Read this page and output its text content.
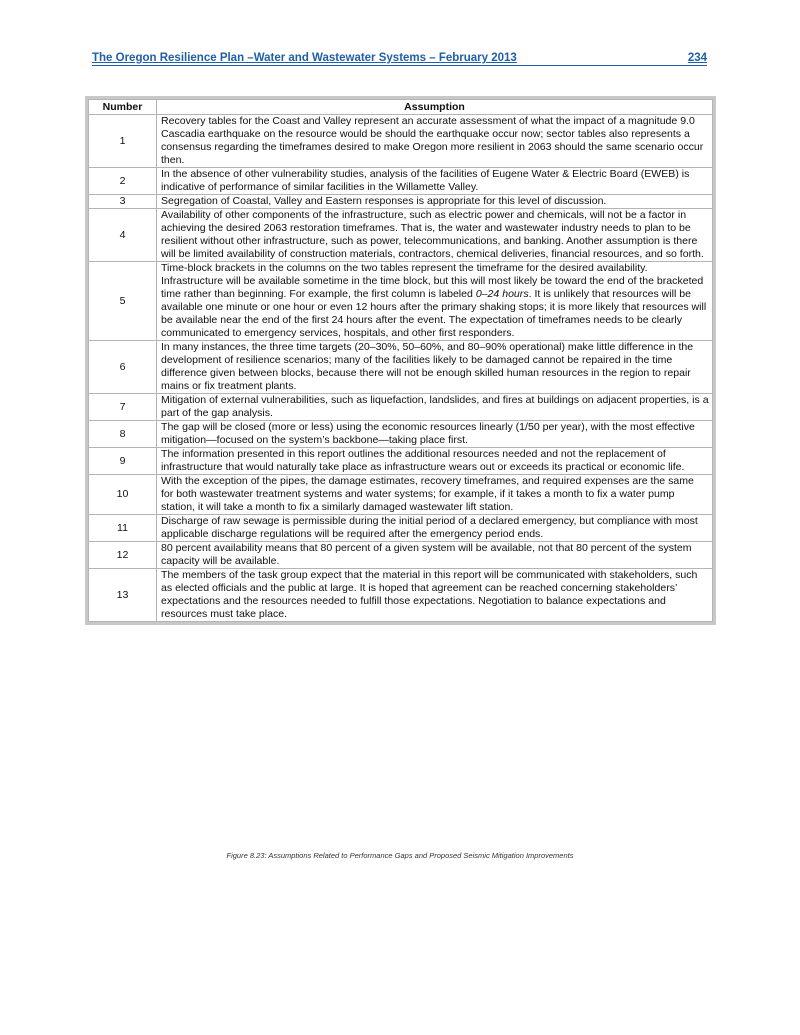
The Oregon Resilience Plan –Water and Wastewater Systems – February 2013	234
Number	Assumption
1	Recovery tables for the Coast and Valley represent an accurate assessment of what the impact of a magnitude 9.0 Cascadia earthquake on the resource would be should the earthquake occur now; sector tables also represents a consensus regarding the timeframes desired to make Oregon more resilient in 2063 should the same scenario occur then.
2	In the absence of other vulnerability studies, analysis of the facilities of Eugene Water & Electric Board (EWEB) is indicative of performance of similar facilities in the Willamette Valley.
3	Segregation of Coastal, Valley and Eastern responses is appropriate for this level of discussion.
4	Availability of other components of the infrastructure, such as electric power and chemicals, will not be a factor in achieving the desired 2063 restoration timeframes. That is, the water and wastewater industry needs to plan to be resilient without other infrastructure, such as power, telecommunications, and banking. Another assumption is there will be limited availability of construction materials, contractors, chemical deliveries, financial resources, and so forth.
5	Time-block brackets in the columns on the two tables represent the timeframe for the desired availability. Infrastructure will be available sometime in the time block, but this will most likely be toward the end of the bracketed time rather than beginning. For example, the first column is labeled 0–24 hours. It is unlikely that resources will be available one minute or one hour or even 12 hours after the primary shaking stops; it is more likely that resources will be available near the end of the first 24 hours after the event. The expectation of timeframes needs to be clearly communicated to emergency services, hospitals, and other first responders.
6	In many instances, the three time targets (20–30%, 50–60%, and 80–90% operational) make little difference in the development of resilience scenarios; many of the facilities likely to be damaged cannot be repaired in the time difference given between blocks, because there will not be enough skilled human resources in the region to repair mains or fix treatment plants.
7	Mitigation of external vulnerabilities, such as liquefaction, landslides, and fires at buildings on adjacent properties, is a part of the gap analysis.
8	The gap will be closed (more or less) using the economic resources linearly (1/50 per year), with the most effective mitigation—focused on the system’s backbone—taking place first.
9	The information presented in this report outlines the additional resources needed and not the replacement of infrastructure that would naturally take place as infrastructure wears out or exceeds its practical or economic life.
10	With the exception of the pipes, the damage estimates, recovery timeframes, and required expenses are the same for both wastewater treatment systems and water systems; for example, if it takes a month to fix a water pump station, it will take a month to fix a similarly damaged wastewater lift station.
11	Discharge of raw sewage is permissible during the initial period of a declared emergency, but compliance with most applicable discharge regulations will be required after the emergency period ends.
12	80 percent availability means that 80 percent of a given system will be available, not that 80 percent of the system capacity will be available.
13	The members of the task group expect that the material in this report will be communicated with stakeholders, such as elected officials and the public at large. It is hoped that agreement can be reached concerning stakeholders’ expectations and the resources needed to fulfill those expectations. Negotiation to balance expectations and resources must take place.
Figure 8.23: Assumptions Related to Performance Gaps and Proposed Seismic Mitigation Improvements
